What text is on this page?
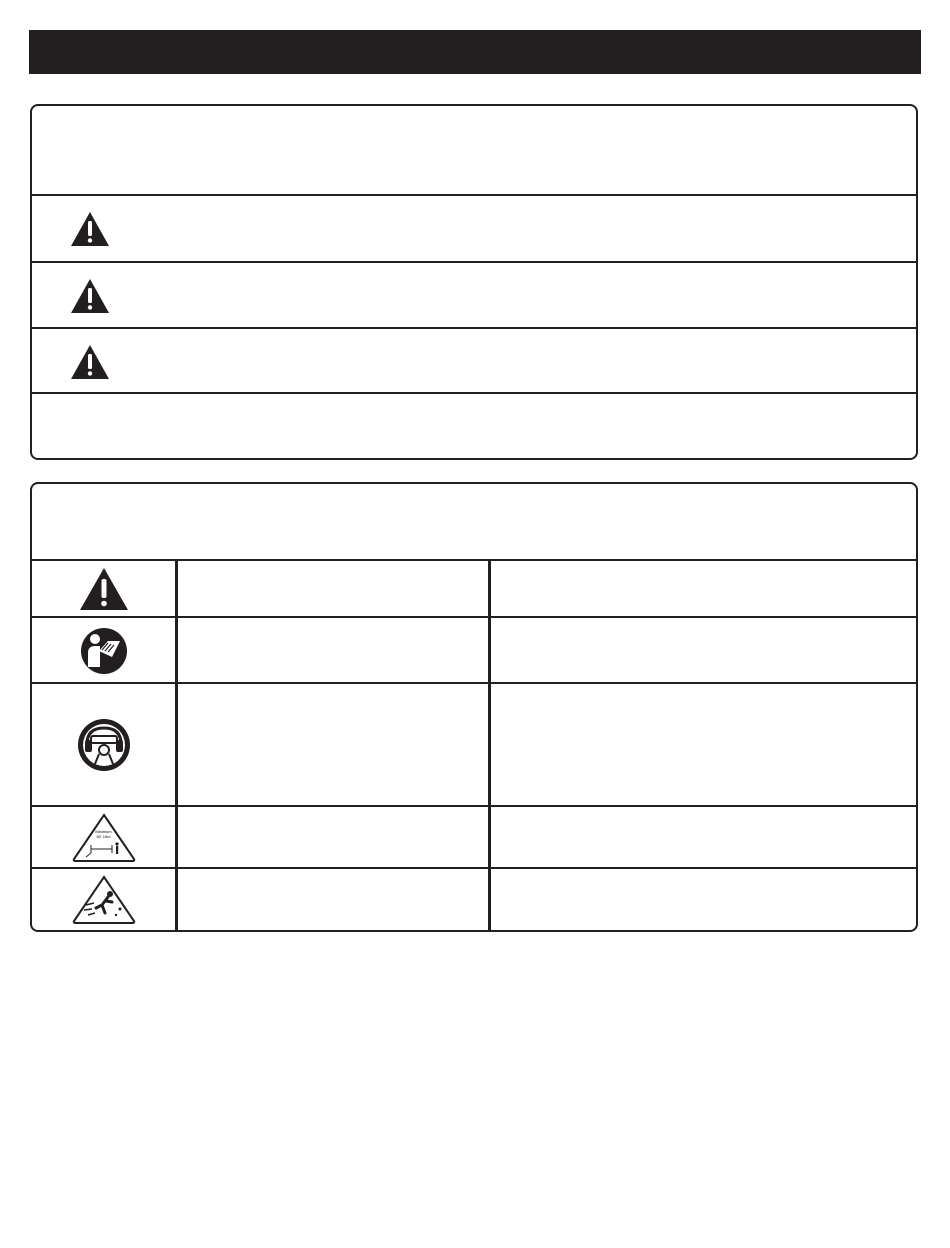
Minimum
50' 15m
